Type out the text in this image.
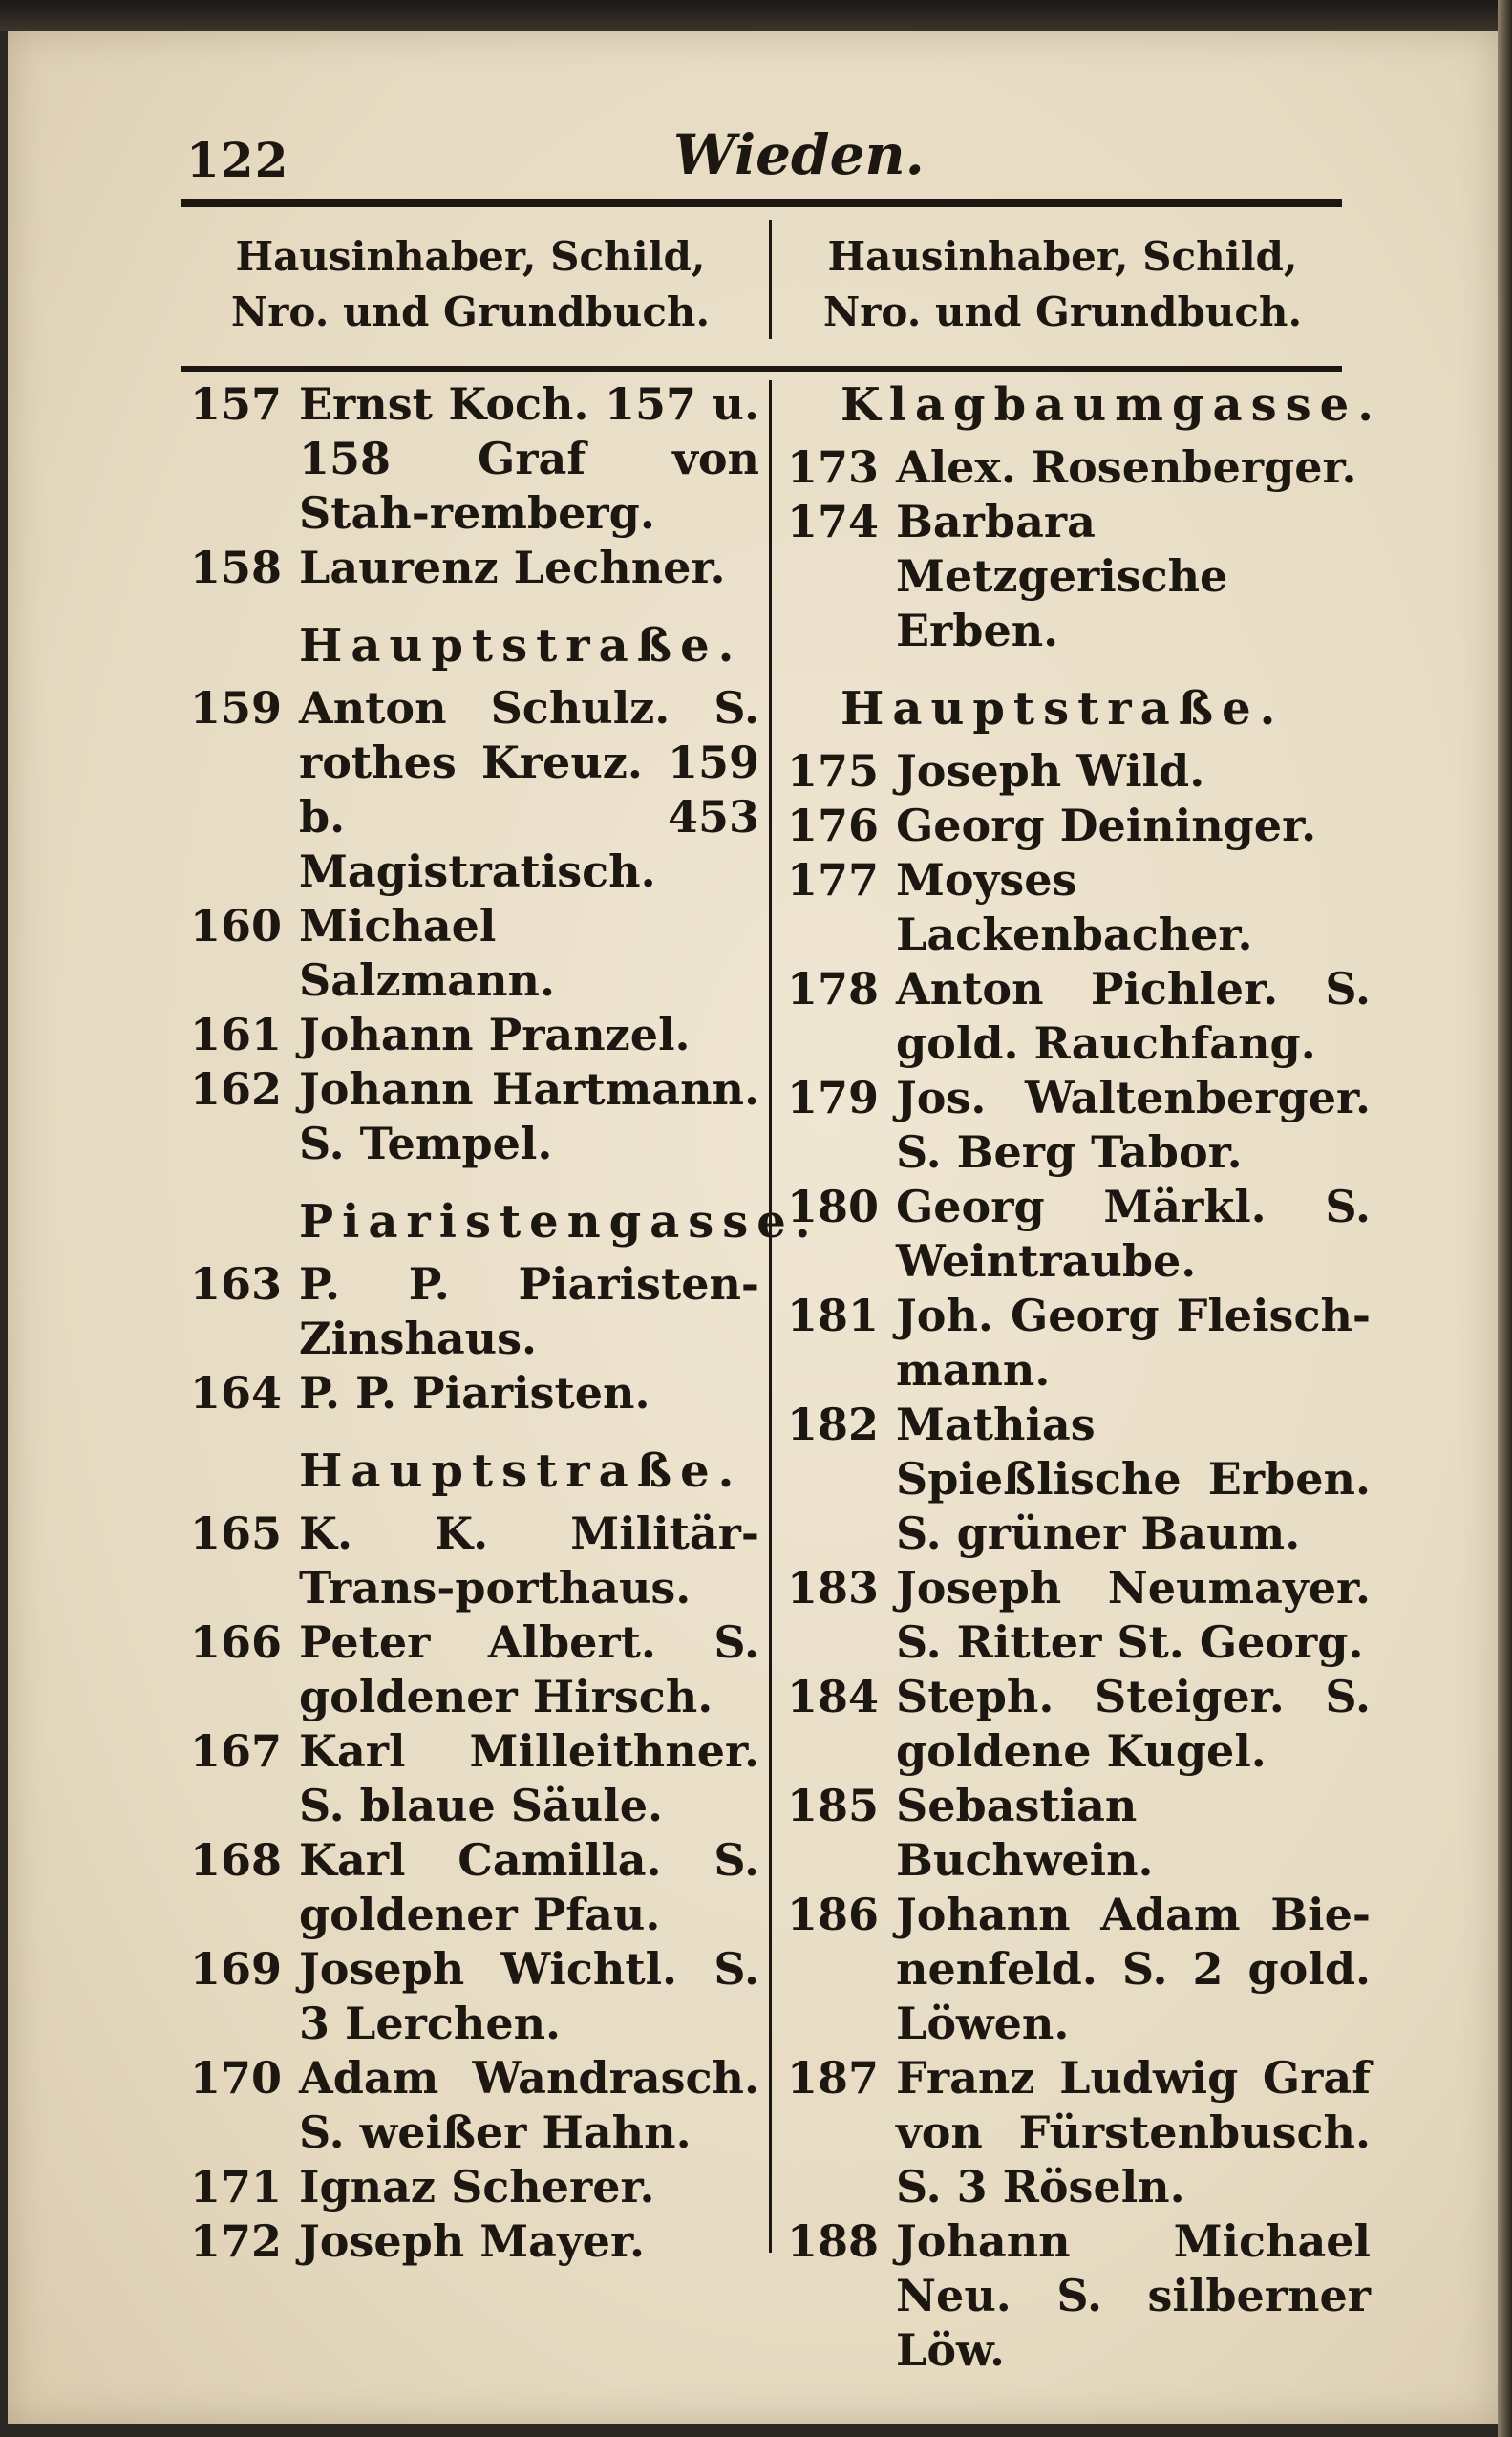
122	Wieden.
Hausinhaber, Schild, Nro. und Grundbuch.
Hausinhaber, Schild, Nro. und Grundbuch.
157 Ernst Koch. 157 u. 158 Graf von Stah-remberg.
158 Laurenz Lechner.
Hauptstraße.
159 Anton Schulz. S. rothes Kreuz. 159 b. 453 Magistratisch.
160 Michael Salzmann.
161 Johann Pranzel.
162 Johann Hartmann. S. Tempel.
Piaristengasse.
163 P. P. Piaristen-Zinshaus.
164 P. P. Piaristen.
Hauptstraße.
165 K. K. Militär-Trans-porthaus.
166 Peter Albert. S. goldener Hirsch.
167 Karl Milleithner. S. blaue Säule.
168 Karl Camilla. S. goldener Pfau.
169 Joseph Wichtl. S. 3 Lerchen.
170 Adam Wandrasch. S. weißer Hahn.
171 Ignaz Scherer.
172 Joseph Mayer.
Klagbaumgasse.
173 Alex. Rosenberger.
174 Barbara Metzgerische Erben.
Hauptstraße.
175 Joseph Wild.
176 Georg Deininger.
177 Moyses Lackenbacher.
178 Anton Pichler. S. gold. Rauchfang.
179 Jos. Waltenberger. S. Berg Tabor.
180 Georg Märkl. S. Weintraube.
181 Joh. Georg Fleisch-mann.
182 Mathias Spießlische Erben. S. grüner Baum.
183 Joseph Neumayer. S. Ritter St. Georg.
184 Steph. Steiger. S. goldene Kugel.
185 Sebastian Buchwein.
186 Johann Adam Bie-nenfeld. S. 2 gold. Löwen.
187 Franz Ludwig Graf von Fürstenbusch. S. 3 Röseln.
188 Johann Michael Neu. S. silberner Löw.
